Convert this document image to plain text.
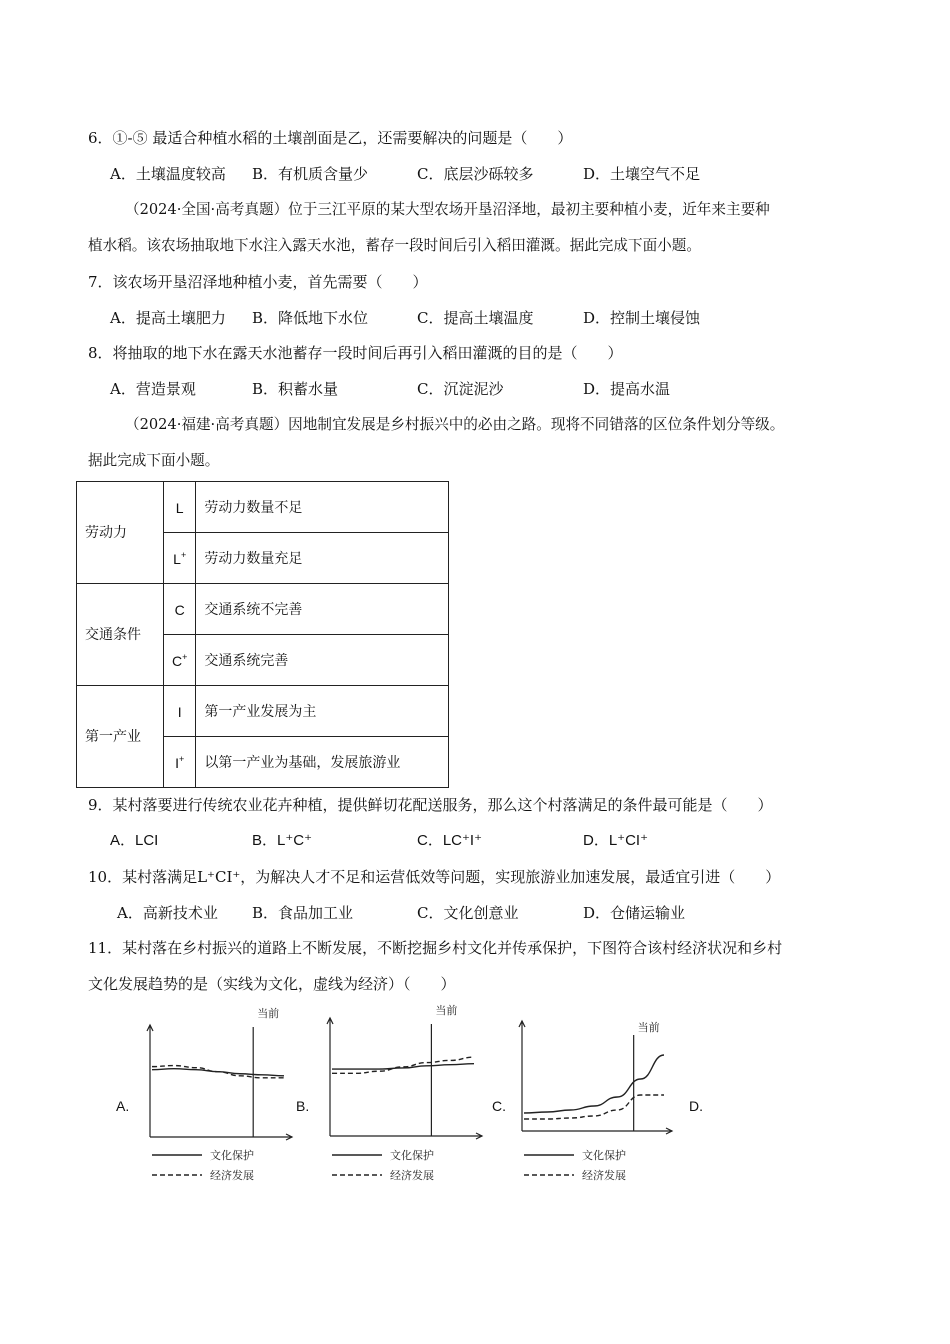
6．①-⑤ 最适合种植水稻的土壤剖面是乙，还需要解决的问题是（　　）
A．土壤温度较高 B．有机质含量少	C．底层沙砾较多	D．土壤空气不足
（2024·全国·高考真题）位于三江平原的某大型农场开垦沼泽地，最初主要种植小麦，近年来主要种
植水稻。该农场抽取地下水注入露天水池，蓄存一段时间后引入稻田灌溉。据此完成下面小题。
7．该农场开垦沼泽地种植小麦，首先需要（　　）
A．提高土壤肥力 B．降低地下水位	C．提高土壤温度	D．控制土壤侵蚀
8．将抽取的地下水在露天水池蓄存一段时间后再引入稻田灌溉的目的是（　　）
A．营造景观	B．积蓄水量	C．沉淀泥沙	D．提高水温
（2024·福建·高考真题）因地制宜发展是乡村振兴中的必由之路。现将不同错落的区位条件划分等级。
据此完成下面小题。
劳动力	L	劳动力数量不足
	L+	劳动力数量充足

交通条件	C	交通系统不完善
	C+	交通系统完善

第一产业	I	第一产业发展为主
	I+	以第一产业为基础，发展旅游业
9．某村落要进行传统农业花卉种植，提供鲜切花配送服务，那么这个村落满足的条件最可能是（　　）
A．LCI	B．L⁺C⁺	C．LC⁺I⁺	D．L⁺CI⁺
10．某村落满足L⁺CI⁺，为解决人才不足和运营低效等问题，实现旅游业加速发展，最适宜引进（　　）
A．高新技术业 B．食品加工业	C．文化创意业	D．仓储运输业
11．某村落在乡村振兴的道路上不断发展，不断挖掘乡村文化并传承保护，下图符合该村经济状况和乡村
文化发展趋势的是（实线为文化，虚线为经济）（　　）
A.	B.	C.	D.
当前
文化保护
经济发展
当前
文化保护
经济发展
当前
文化保护
经济发展
